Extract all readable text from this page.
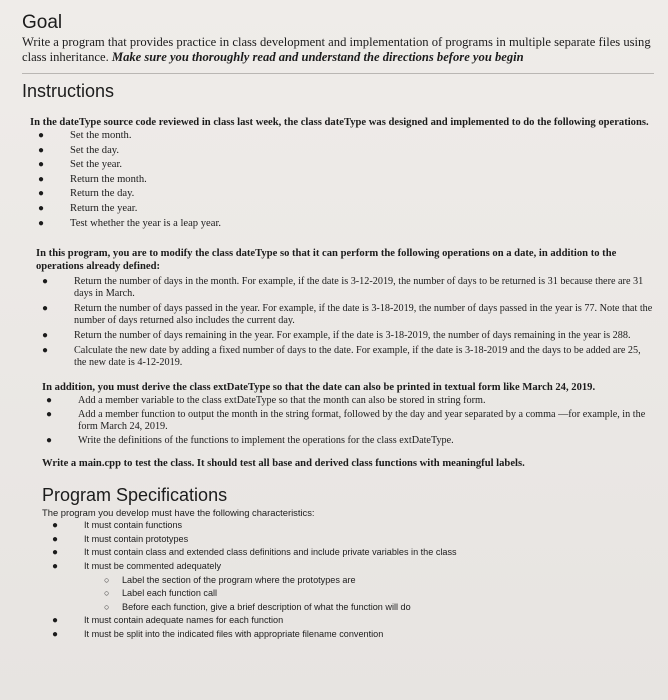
Goal
Write a program that provides practice in class development and implementation of programs in multiple separate files using class inheritance. Make sure you thoroughly read and understand the directions before you begin
Instructions
In the dateType source code reviewed in class last week, the class dateType was designed and implemented to do the following operations.
● Set the month.
● Set the day.
● Set the year.
● Return the month.
● Return the day.
● Return the year.
● Test whether the year is a leap year.
In this program, you are to modify the class dateType so that it can perform the following operations on a date, in addition to the operations already defined:
●	Return the number of days in the month. For example, if the date is 3-12-2019, the number of days to be returned is 31 because there are 31 days in March.
●	Return the number of days passed in the year. For example, if the date is 3-18-2019, the number of days passed in the year is 77. Note that the number of days returned also includes the current day.
●	Return the number of days remaining in the year. For example, if the date is 3-18-2019, the number of days remaining in the year is 288.
●	Calculate the new date by adding a fixed number of days to the date. For example, if the date is 3-18-2019 and the days to be added are 25, the new date is 4-12-2019.
In addition, you must derive the class extDateType so that the date can also be printed in textual form like March 24, 2019.
●	Add a member variable to the class extDateType so that the month can also be stored in string form.
●	Add a member function to output the month in the string format, followed by the day and year separated by a comma —for example, in the form March 24, 2019.
●	Write the definitions of the functions to implement the operations for the class extDateType.
Write a main.cpp to test the class. It should test all base and derived class functions with meaningful labels.
Program Specifications
The program you develop must have the following characteristics:
●	It must contain functions
●	It must contain prototypes
●	It must contain class and extended class definitions and include private variables in the class
●	It must be commented adequately
○ Label the section of the program where the prototypes are
○ Label each function call
○ Before each function, give a brief description of what the function will do
●	It must contain adequate names for each function
●	It must be split into the indicated files with appropriate filename convention
